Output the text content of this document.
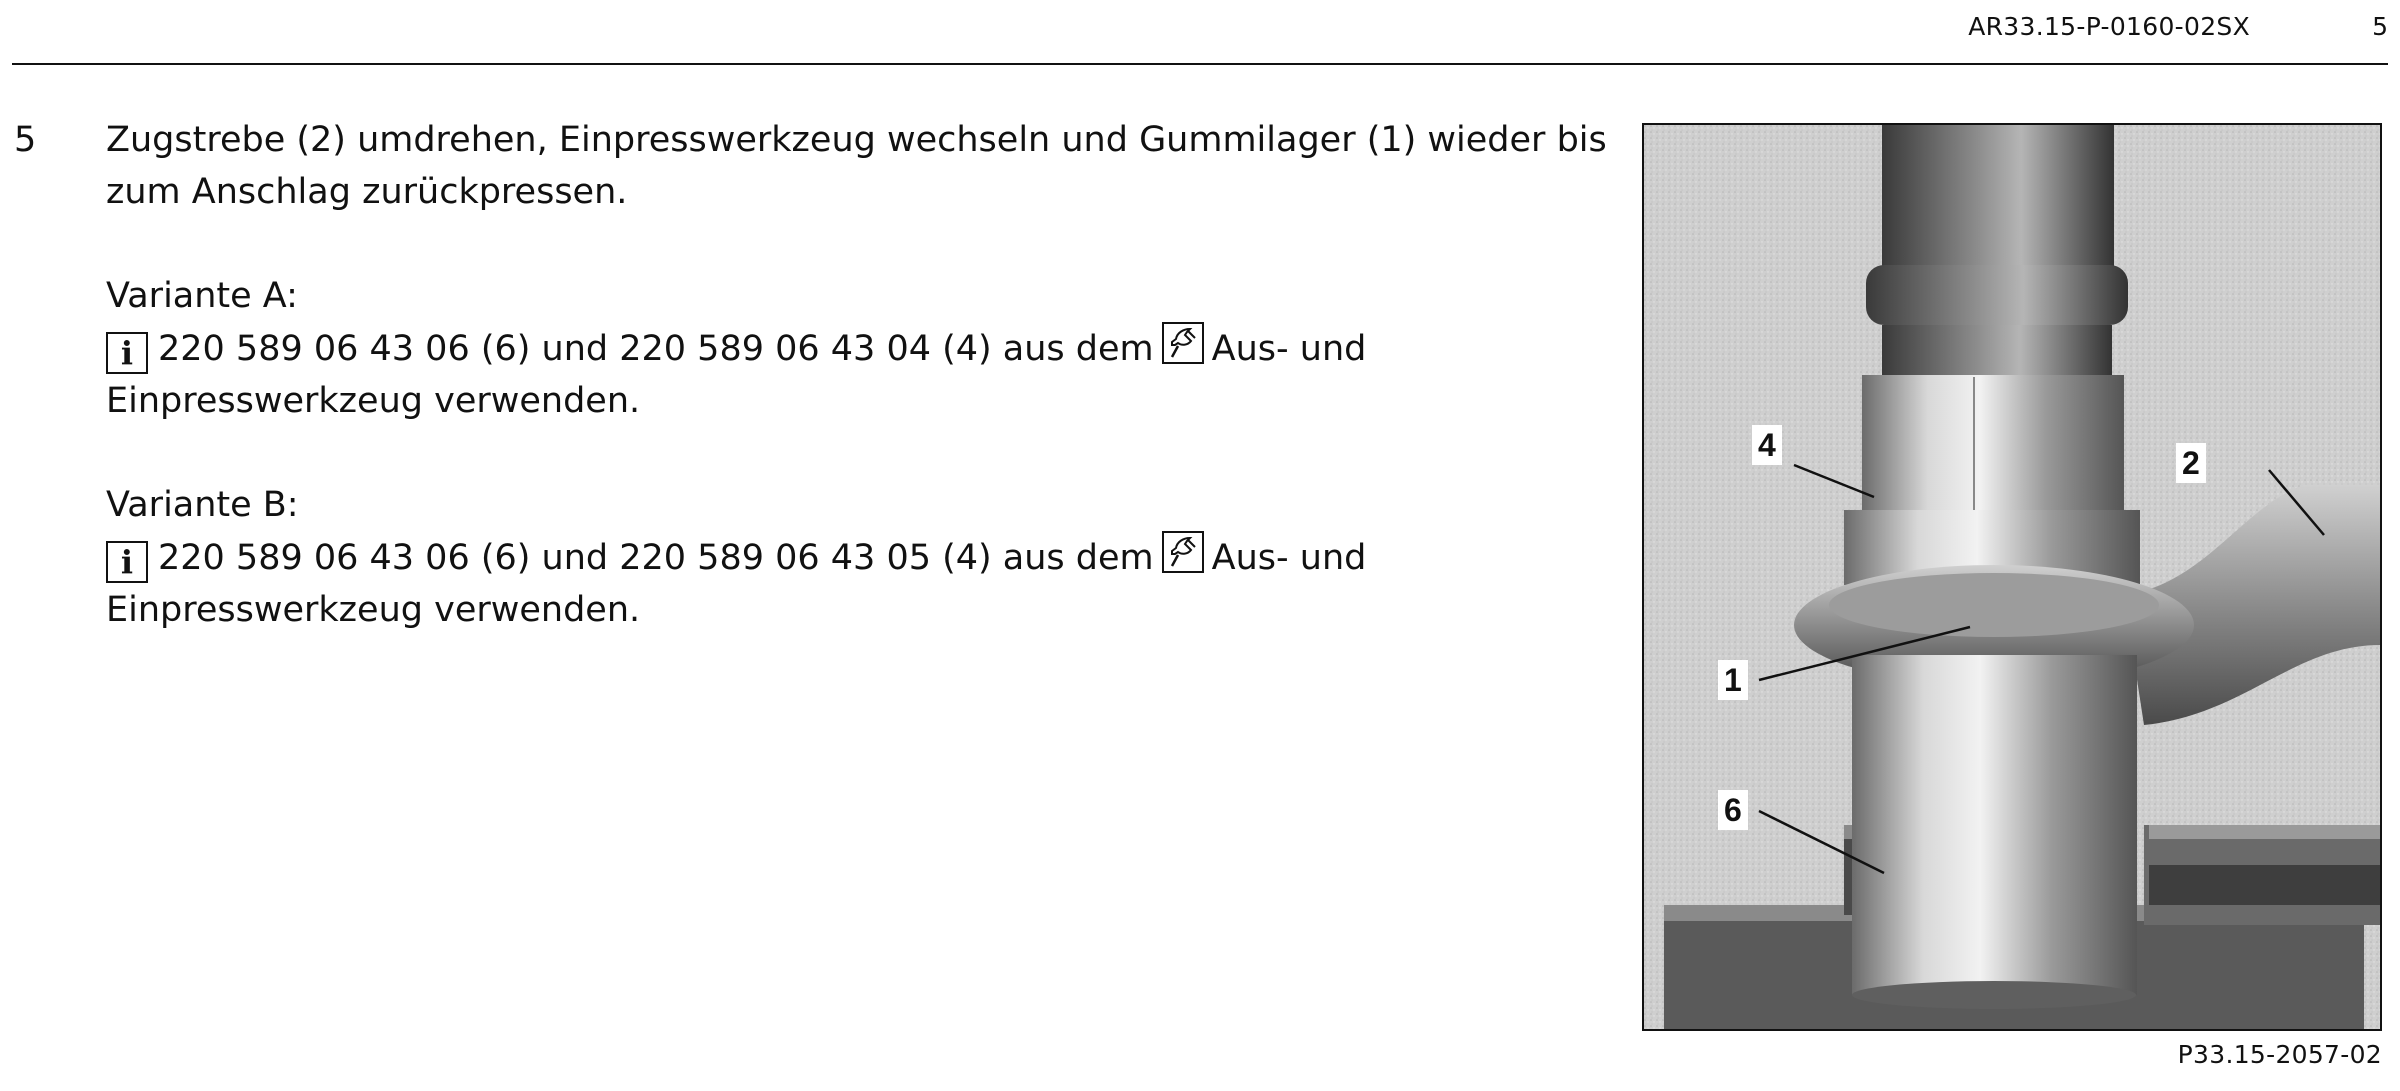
AR33.15-P-0160-02SX	5
5 Zugstrebe (2) umdrehen, Einpresswerkzeug wechseln und Gummilager (1) wieder bis
zum Anschlag zurückpressen.

Variante A:
i 220 589 06 43 06 (6) und 220 589 06 43 04 (4) aus dem Aus- und
Einpresswerkzeug verwenden.
Variante B:
i 220 589 06 43 06 (6) und 220 589 06 43 05 (4) aus dem Aus- und
Einpresswerkzeug verwenden.
4	2
1
6
P33.15-2057-02
